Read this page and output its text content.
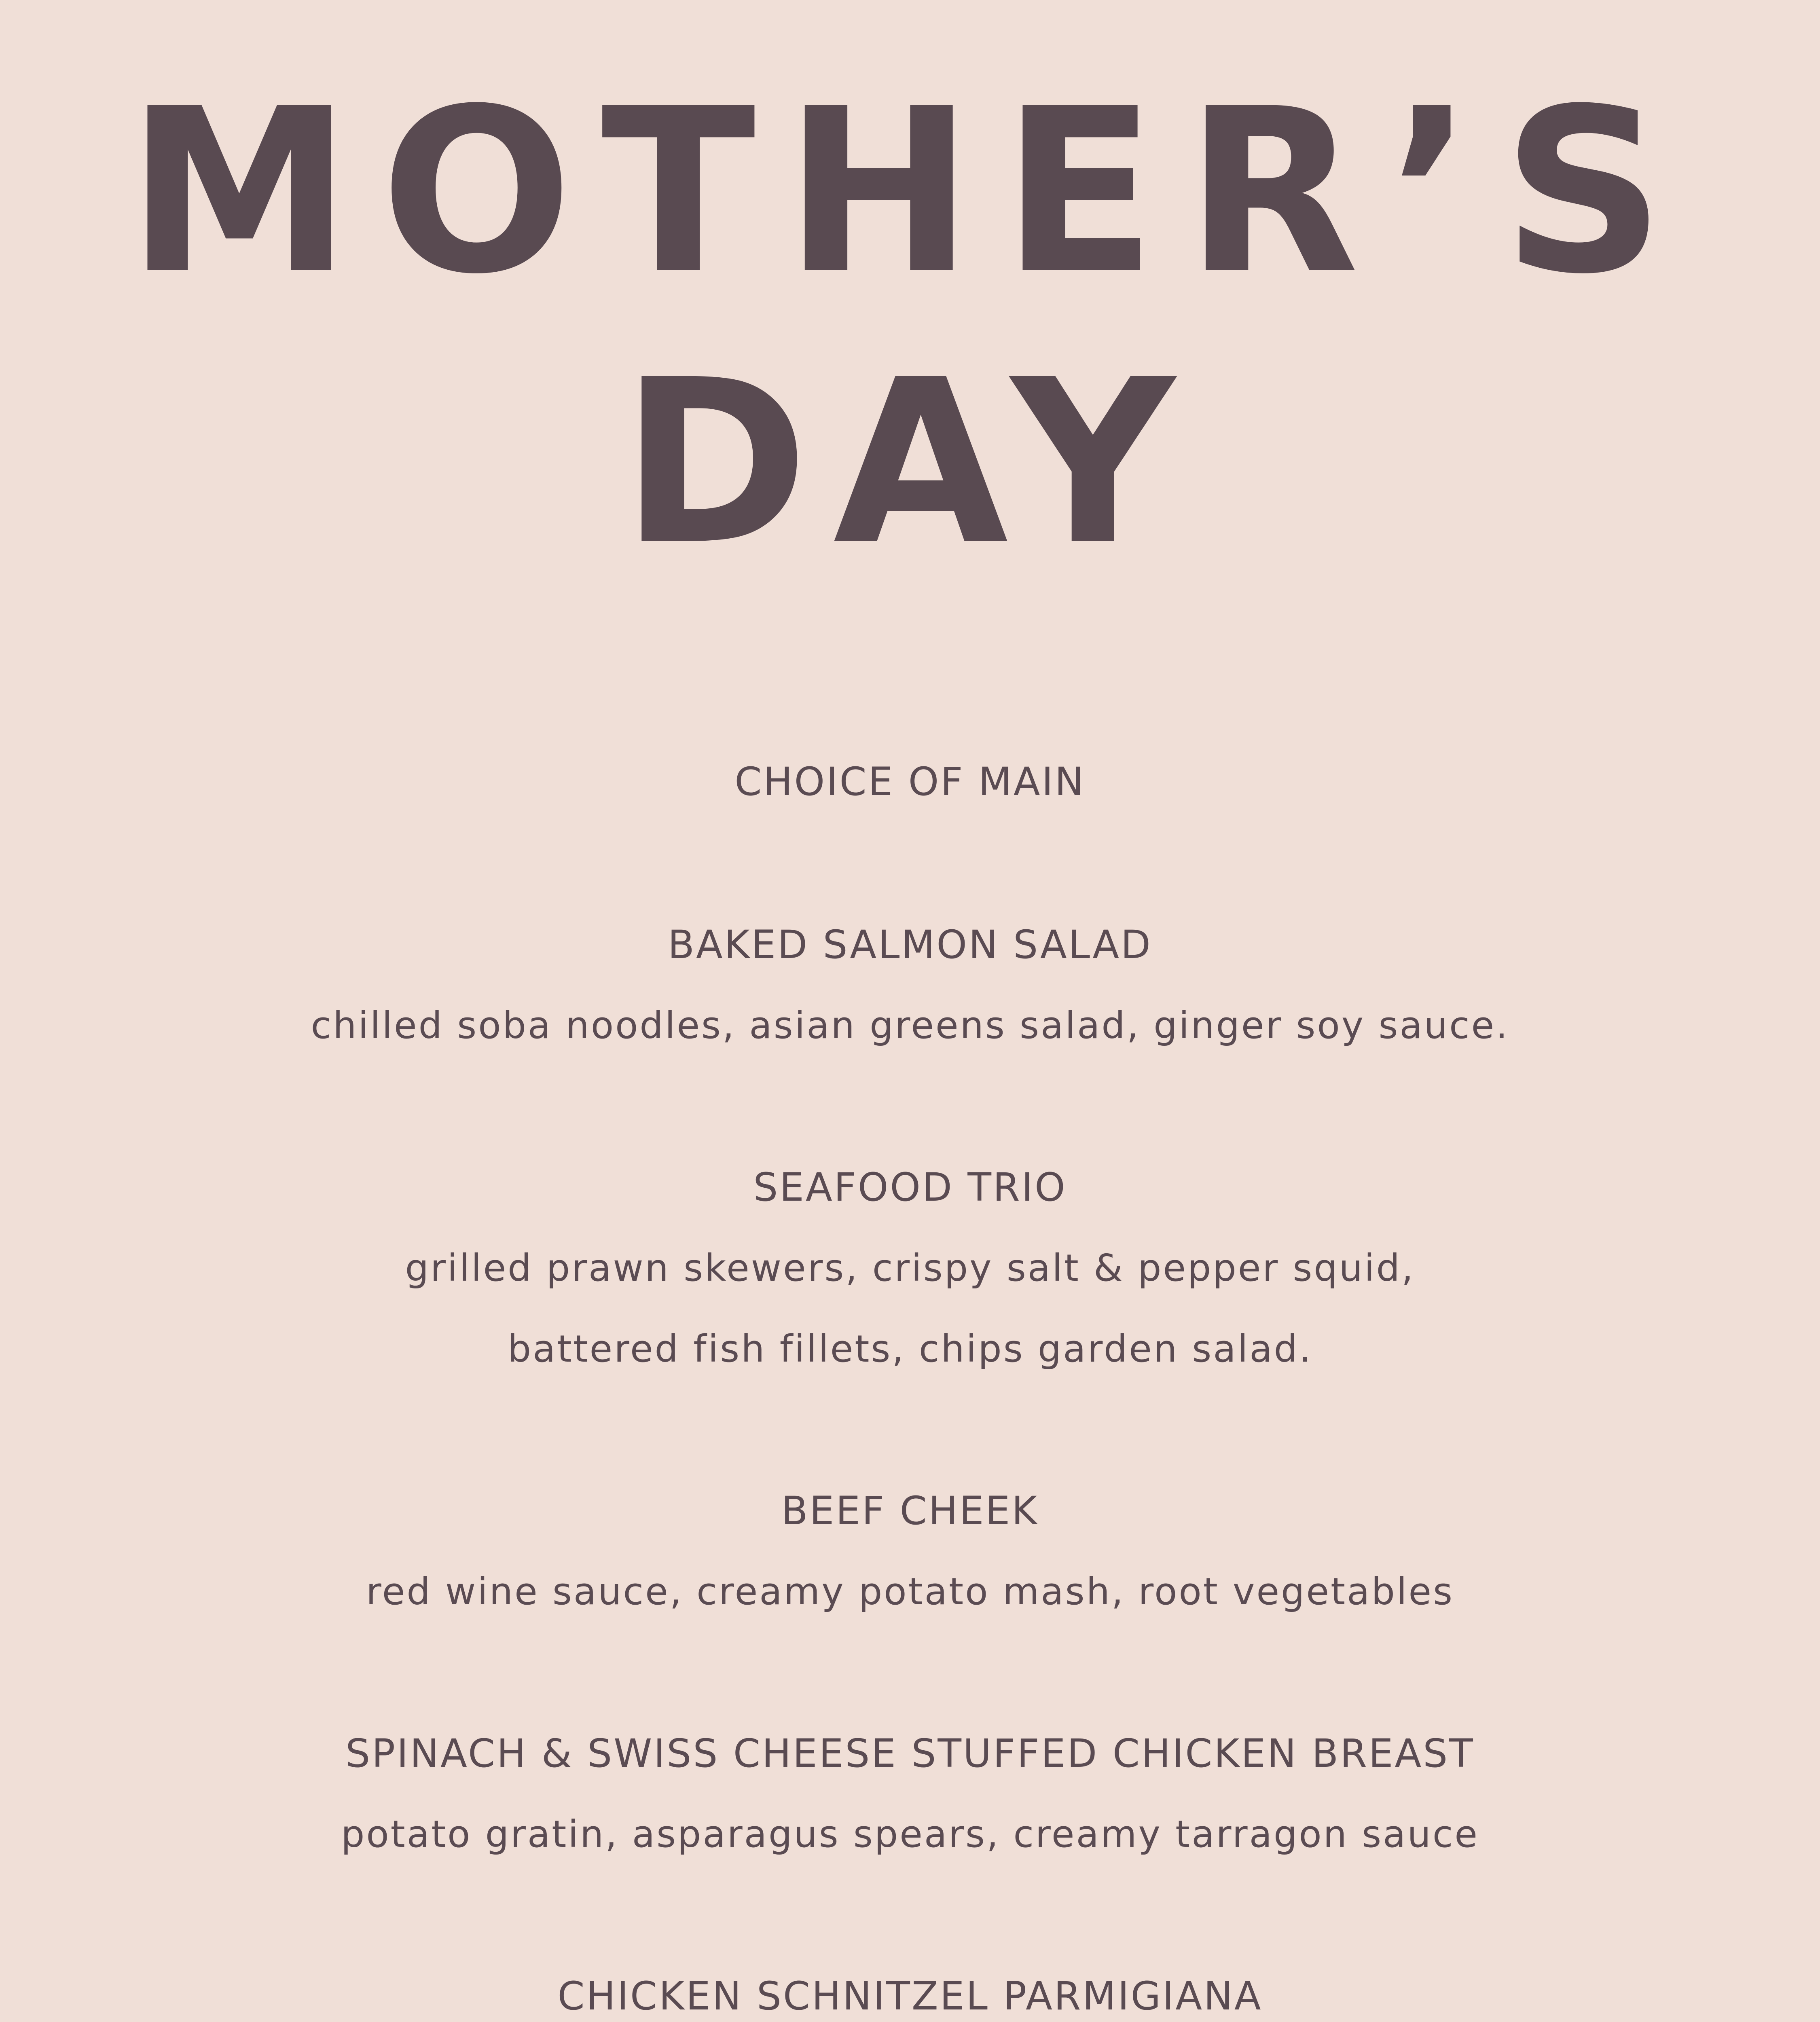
MOTHER’S
DAY
CHOICE OF MAIN
BAKED SALMON SALAD
chilled soba noodles, asian greens salad, ginger soy sauce.
SEAFOOD TRIO
grilled prawn skewers, crispy salt & pepper squid,
battered fish fillets, chips garden salad.
BEEF CHEEK
red wine sauce, creamy potato mash, root vegetables
SPINACH & SWISS CHEESE STUFFED CHICKEN BREAST
potato gratin, asparagus spears, creamy tarragon sauce
CHICKEN SCHNITZEL PARMIGIANA
